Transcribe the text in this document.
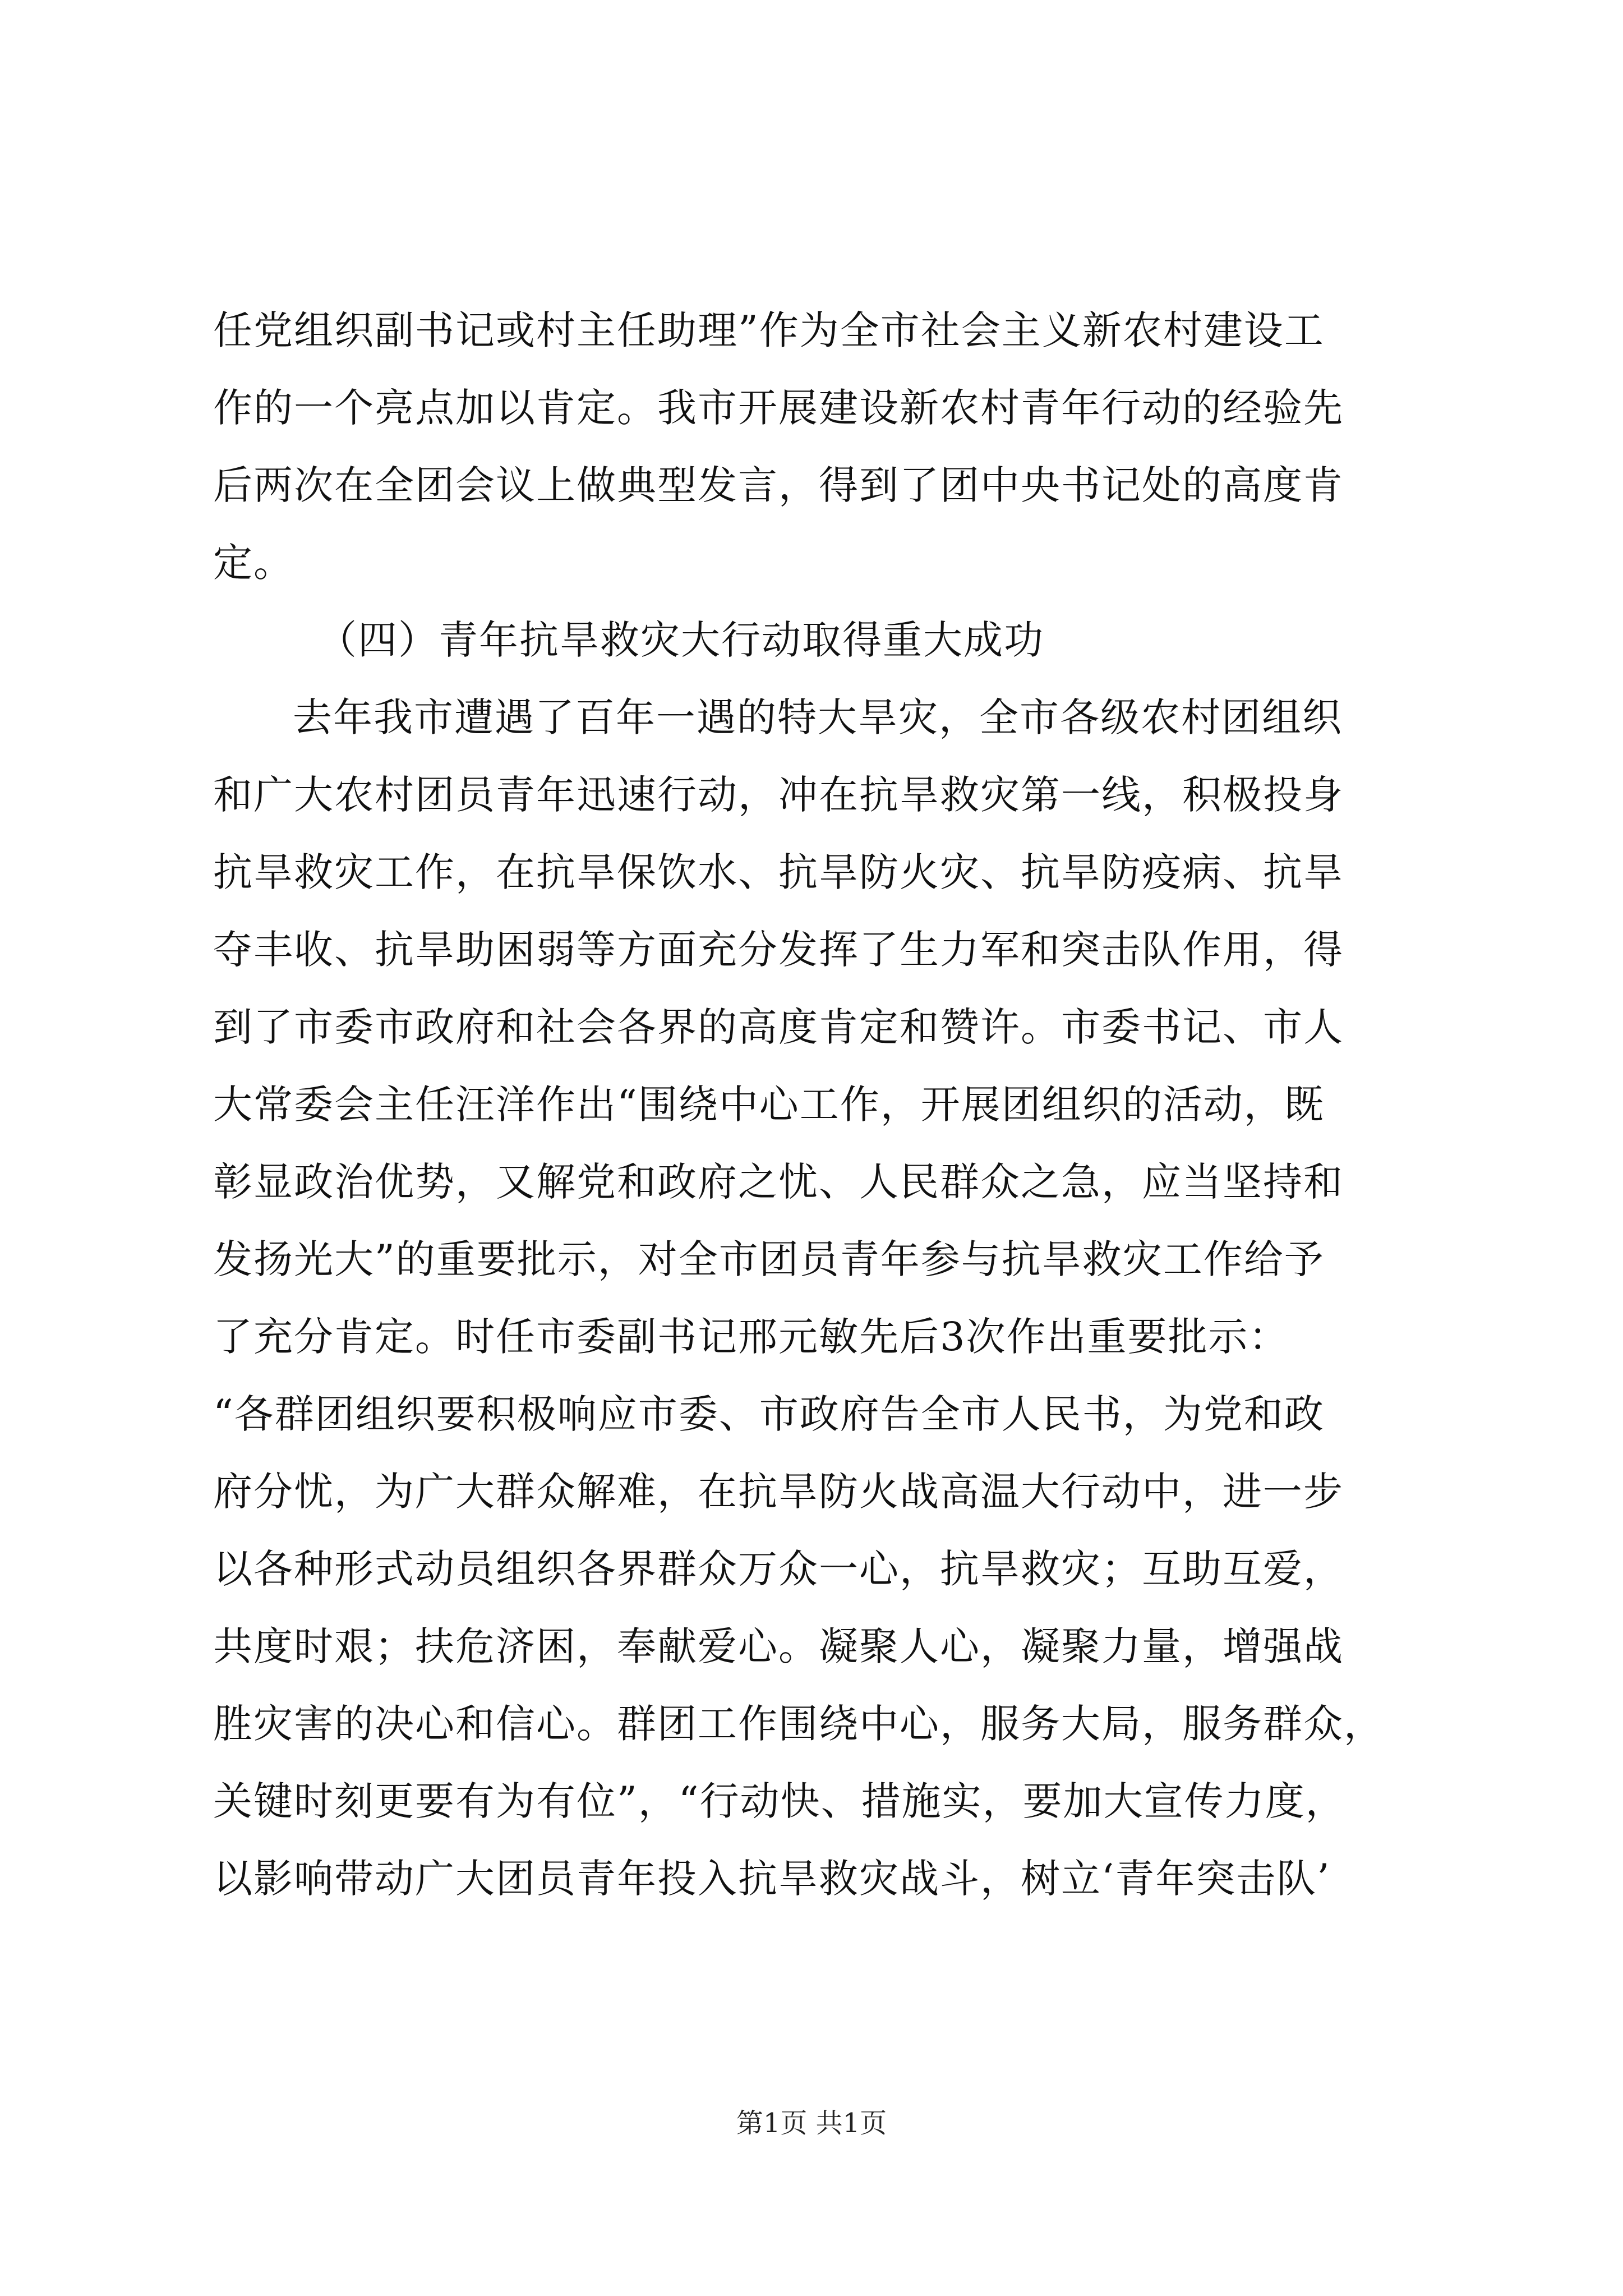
任党组织副书记或村主任助理”作为全市社会主义新农村建设工
作的一个亮点加以肯定。我市开展建设新农村青年行动的经验先
后两次在全团会议上做典型发言，得到了团中央书记处的高度肯
定。
（四）青年抗旱救灾大行动取得重大成功
去年我市遭遇了百年一遇的特大旱灾，全市各级农村团组织
和广大农村团员青年迅速行动，冲在抗旱救灾第一线，积极投身
抗旱救灾工作，在抗旱保饮水、抗旱防火灾、抗旱防疫病、抗旱
夺丰收、抗旱助困弱等方面充分发挥了生力军和突击队作用，得
到了市委市政府和社会各界的高度肯定和赞许。市委书记、市人
大常委会主任汪洋作出“围绕中心工作，开展团组织的活动，既
彰显政治优势，又解党和政府之忧、人民群众之急，应当坚持和
发扬光大”的重要批示，对全市团员青年参与抗旱救灾工作给予
了充分肯定。时任市委副书记邢元敏先后3次作出重要批示：
“各群团组织要积极响应市委、市政府告全市人民书，为党和政
府分忧，为广大群众解难，在抗旱防火战高温大行动中，进一步
以各种形式动员组织各界群众万众一心，抗旱救灾；互助互爱，
共度时艰；扶危济困，奉献爱心。凝聚人心，凝聚力量，增强战
胜灾害的决心和信心。群团工作围绕中心，服务大局，服务群众，
关键时刻更要有为有位”，“行动快、措施实，要加大宣传力度，
以影响带动广大团员青年投入抗旱救灾战斗，树立‘青年突击队’
第1页 共1页
